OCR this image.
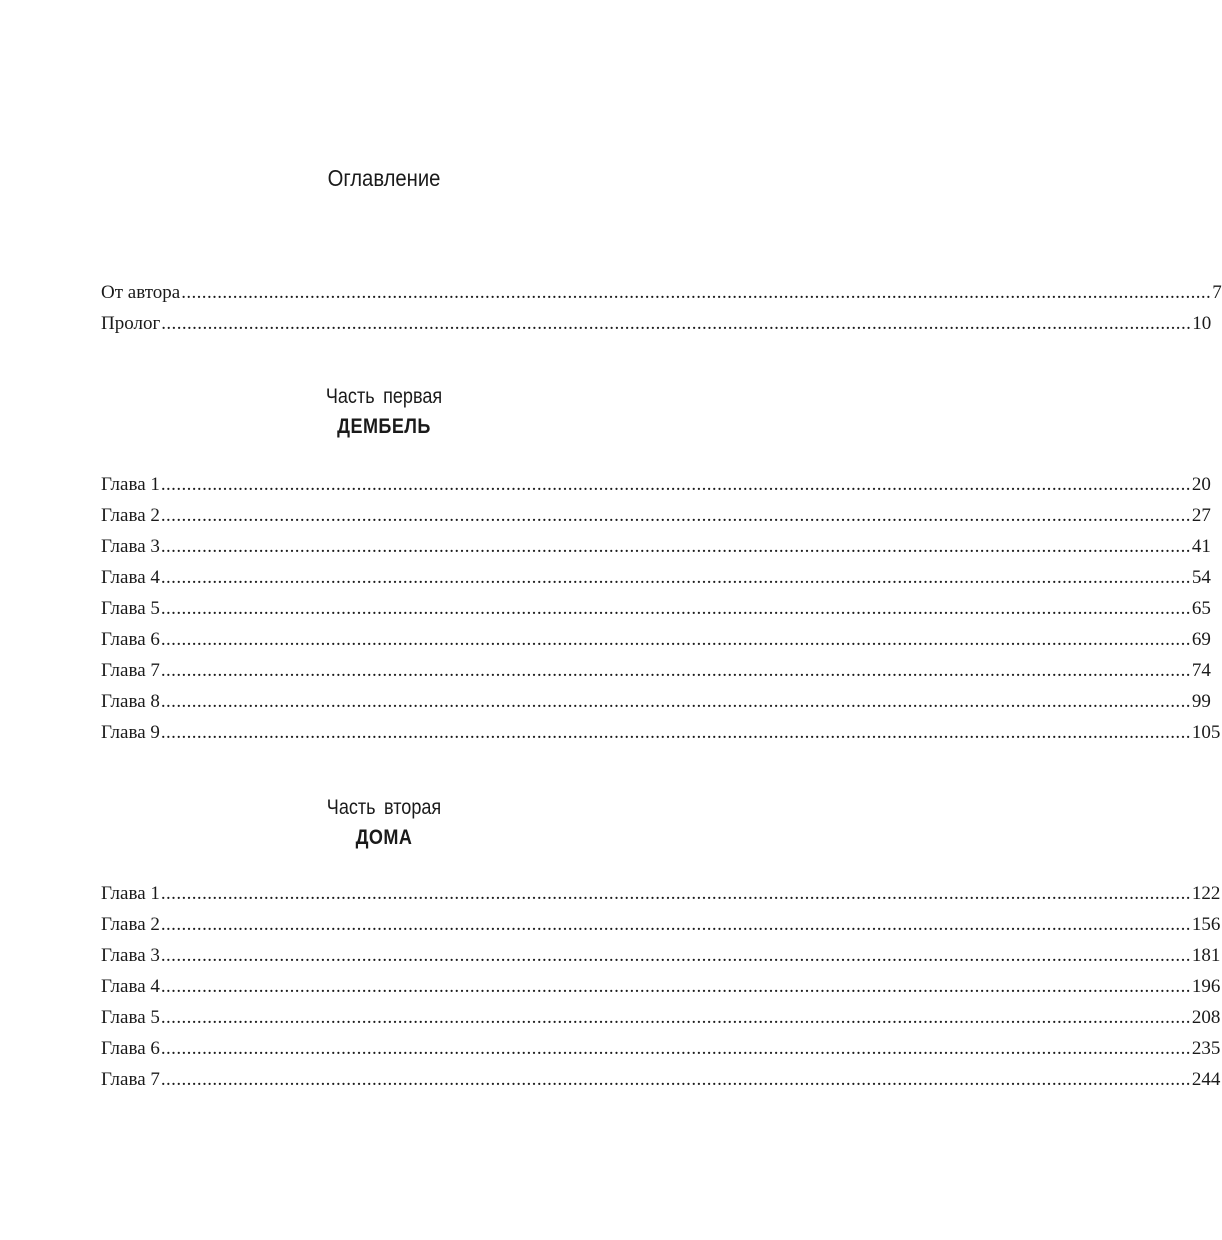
Оглавление
От автора ........................................................................................................................................................................................................ 7
Пролог ........................................................................................................................................................................................................ 10
Часть первая
ДЕМБЕЛЬ
Глава 1 ........................................................................................................................................................................................................ 20
Глава 2 ........................................................................................................................................................................................................ 27
Глава 3 ........................................................................................................................................................................................................ 41
Глава 4 ........................................................................................................................................................................................................ 54
Глава 5 ........................................................................................................................................................................................................ 65
Глава 6 ........................................................................................................................................................................................................ 69
Глава 7 ........................................................................................................................................................................................................ 74
Глава 8 ........................................................................................................................................................................................................ 99
Глава 9 ........................................................................................................................................................................................................ 105
Часть вторая
ДОМА
Глава 1 ........................................................................................................................................................................................................ 122
Глава 2 ........................................................................................................................................................................................................ 156
Глава 3 ........................................................................................................................................................................................................ 181
Глава 4 ........................................................................................................................................................................................................ 196
Глава 5 ........................................................................................................................................................................................................ 208
Глава 6 ........................................................................................................................................................................................................ 235
Глава 7 ........................................................................................................................................................................................................ 244
